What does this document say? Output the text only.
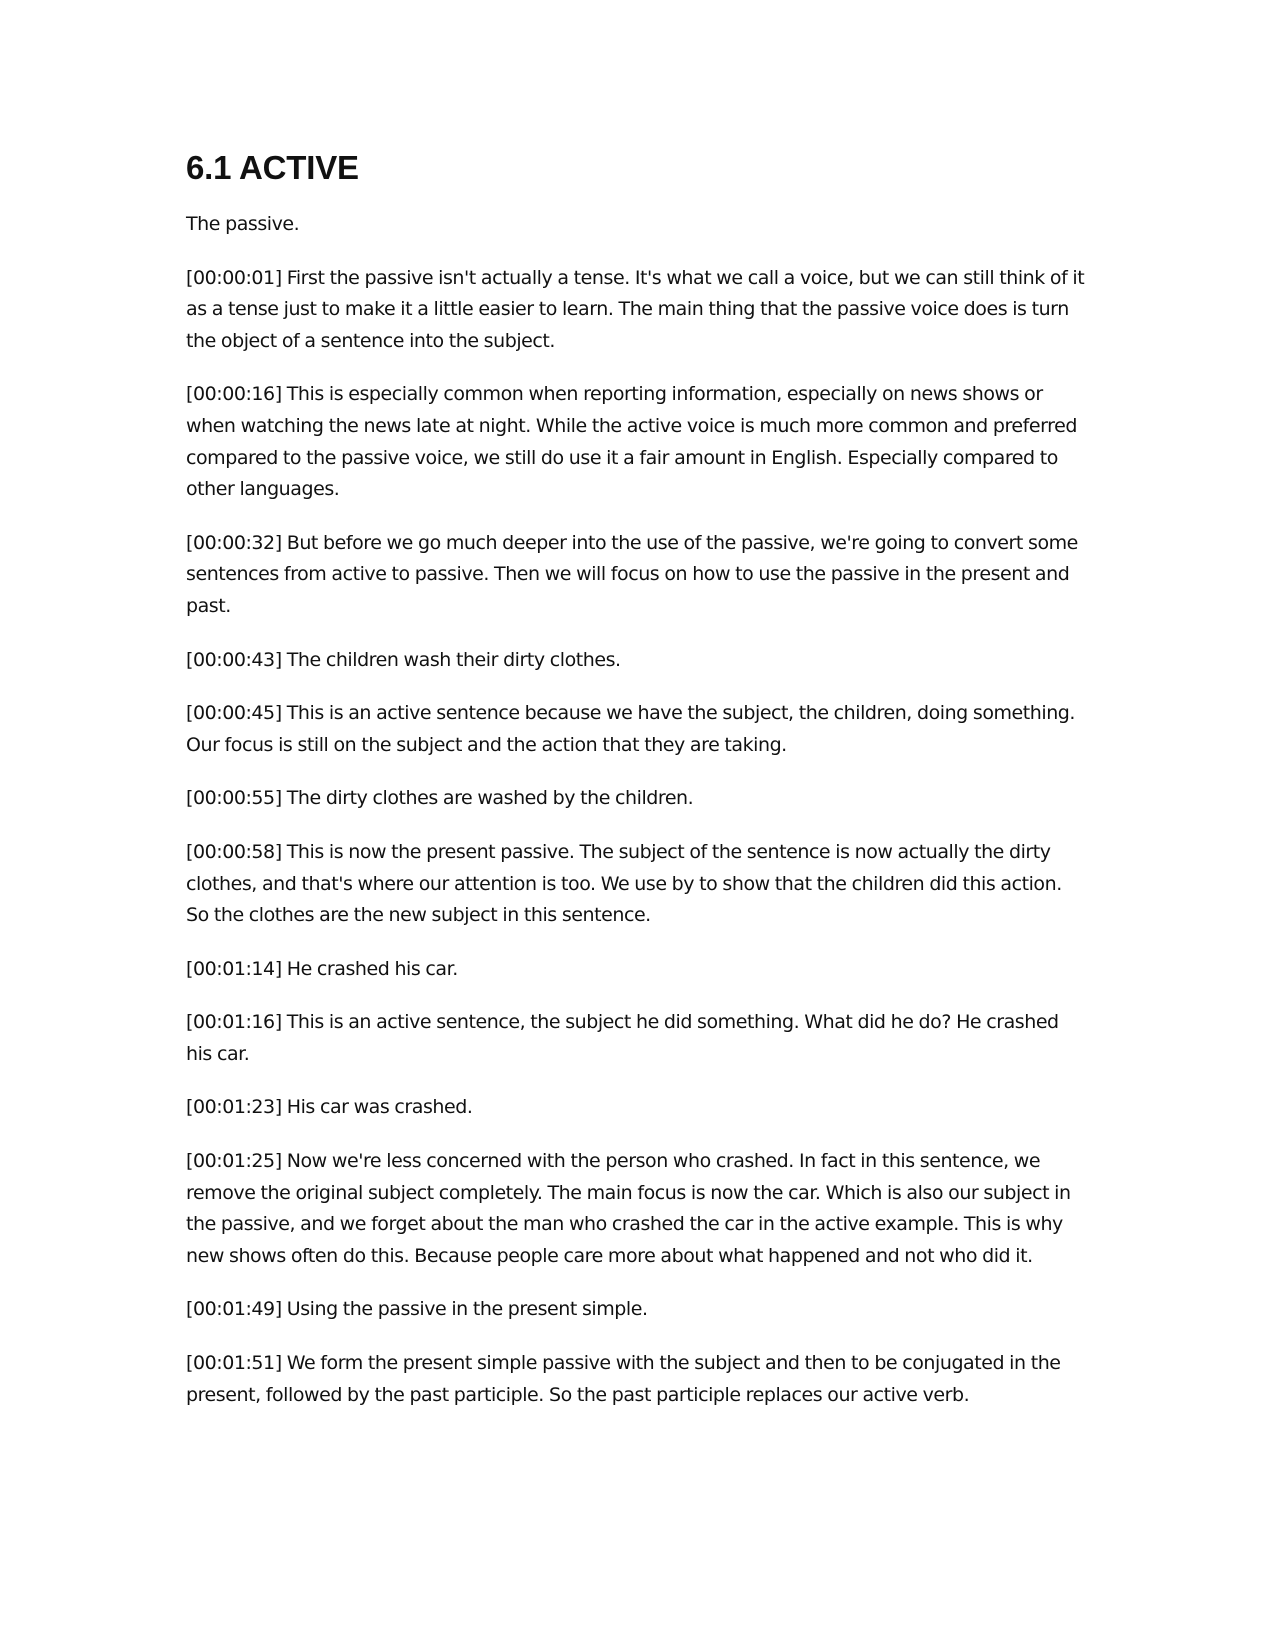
6.1 ACTIVE

The passive.

[00:00:01] First the passive isn't actually a tense. It's what we call a voice, but we can still think of it as a tense just to make it a little easier to learn. The main thing that the passive voice does is turn the object of a sentence into the subject.

[00:00:16] This is especially common when reporting information, especially on news shows or when watching the news late at night. While the active voice is much more common and preferred compared to the passive voice, we still do use it a fair amount in English. Especially compared to other languages.

[00:00:32] But before we go much deeper into the use of the passive, we're going to convert some sentences from active to passive. Then we will focus on how to use the passive in the present and past.

[00:00:43] The children wash their dirty clothes.

[00:00:45] This is an active sentence because we have the subject, the children, doing something. Our focus is still on the subject and the action that they are taking.

[00:00:55] The dirty clothes are washed by the children.

[00:00:58] This is now the present passive. The subject of the sentence is now actually the dirty clothes, and that's where our attention is too. We use by to show that the children did this action. So the clothes are the new subject in this sentence.

[00:01:14] He crashed his car.

[00:01:16] This is an active sentence, the subject he did something. What did he do? He crashed his car.

[00:01:23] His car was crashed.

[00:01:25] Now we're less concerned with the person who crashed. In fact in this sentence, we remove the original subject completely. The main focus is now the car. Which is also our subject in the passive, and we forget about the man who crashed the car in the active example. This is why new shows often do this. Because people care more about what happened and not who did it.

[00:01:49] Using the passive in the present simple.

[00:01:51] We form the present simple passive with the subject and then to be conjugated in the present, followed by the past participle. So the past participle replaces our active verb.
